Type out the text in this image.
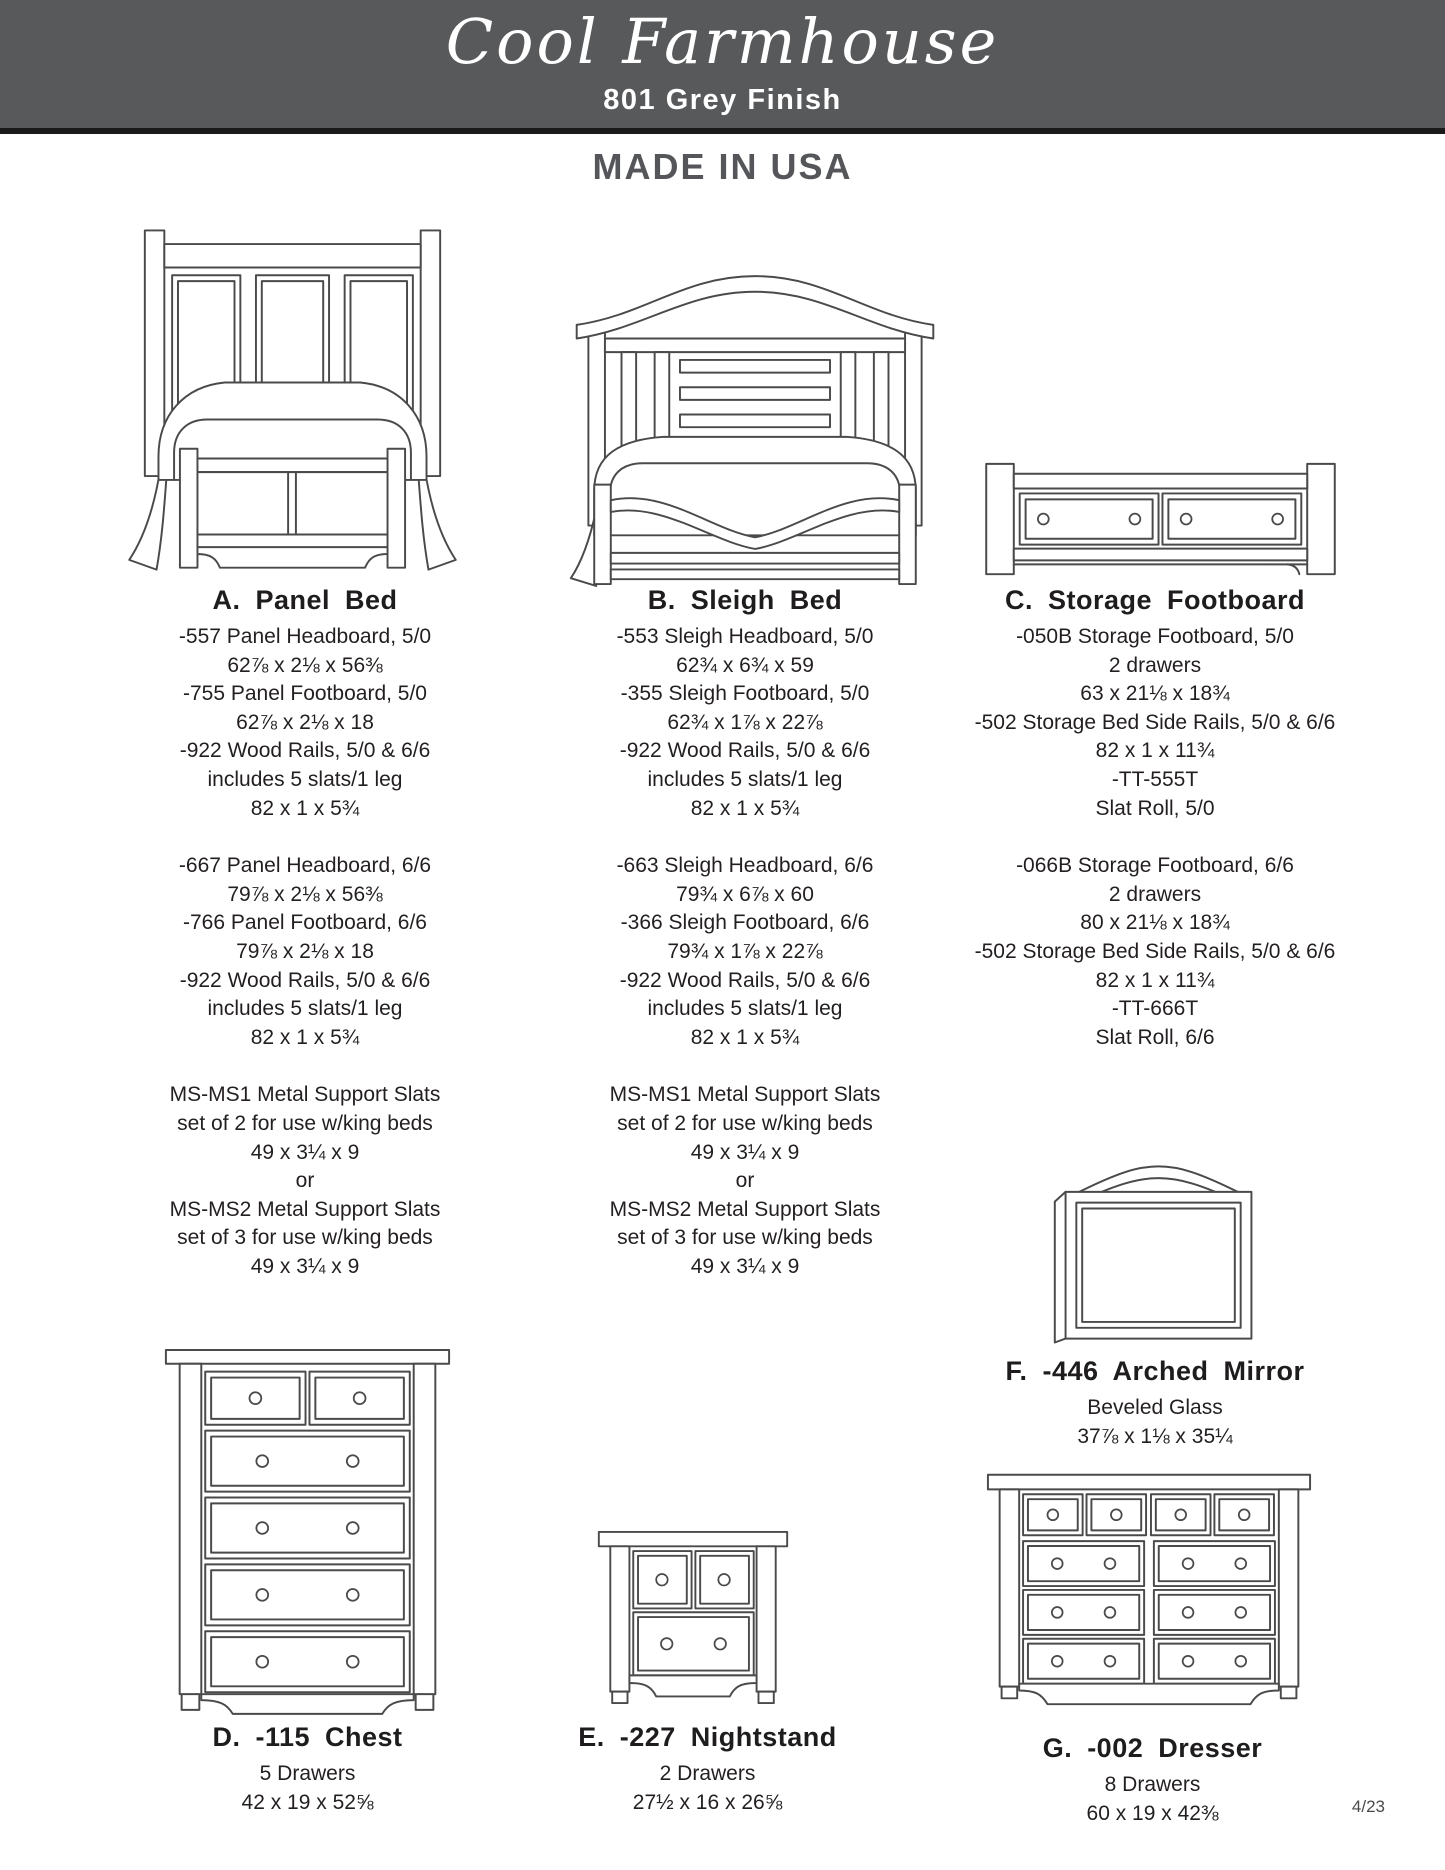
Cool Farmhouse
801 Grey Finish
MADE IN USA
A. Panel Bed
-557 Panel Headboard, 5/0
62⅞ x 2⅛ x 56⅜
-755 Panel Footboard, 5/0
62⅞ x 2⅛ x 18
-922 Wood Rails, 5/0 & 6/6
includes 5 slats/1 leg
82 x 1 x 5¾
-667 Panel Headboard, 6/6
79⅞ x 2⅛ x 56⅜
-766 Panel Footboard, 6/6
79⅞ x 2⅛ x 18
-922 Wood Rails, 5/0 & 6/6
includes 5 slats/1 leg
82 x 1 x 5¾
MS-MS1 Metal Support Slats
set of 2 for use w/king beds
49 x 3¼ x 9
or
MS-MS2 Metal Support Slats
set of 3 for use w/king beds
49 x 3¼ x 9
B. Sleigh Bed
-553 Sleigh Headboard, 5/0
62¾ x 6¾ x 59
-355 Sleigh Footboard, 5/0
62¾ x 1⅞ x 22⅞
-922 Wood Rails, 5/0 & 6/6
includes 5 slats/1 leg
82 x 1 x 5¾
-663 Sleigh Headboard, 6/6
79¾ x 6⅞ x 60
-366 Sleigh Footboard, 6/6
79¾ x 1⅞ x 22⅞
-922 Wood Rails, 5/0 & 6/6
includes 5 slats/1 leg
82 x 1 x 5¾
MS-MS1 Metal Support Slats
set of 2 for use w/king beds
49 x 3¼ x 9
or
MS-MS2 Metal Support Slats
set of 3 for use w/king beds
49 x 3¼ x 9
C. Storage Footboard
-050B Storage Footboard, 5/0
2 drawers
63 x 21⅛ x 18¾
-502 Storage Bed Side Rails, 5/0 & 6/6
82 x 1 x 11¾
-TT-555T
Slat Roll, 5/0
-066B Storage Footboard, 6/6
2 drawers
80 x 21⅛ x 18¾
-502 Storage Bed Side Rails, 5/0 & 6/6
82 x 1 x 11¾
-TT-666T
Slat Roll, 6/6
F. -446 Arched Mirror
Beveled Glass
37⅞ x 1⅛ x 35¼
D. -115 Chest
5 Drawers
42 x 19 x 52⅝
E. -227 Nightstand
2 Drawers
27½ x 16 x 26⅝
G. -002 Dresser
8 Drawers
60 x 19 x 42⅜	4/23
